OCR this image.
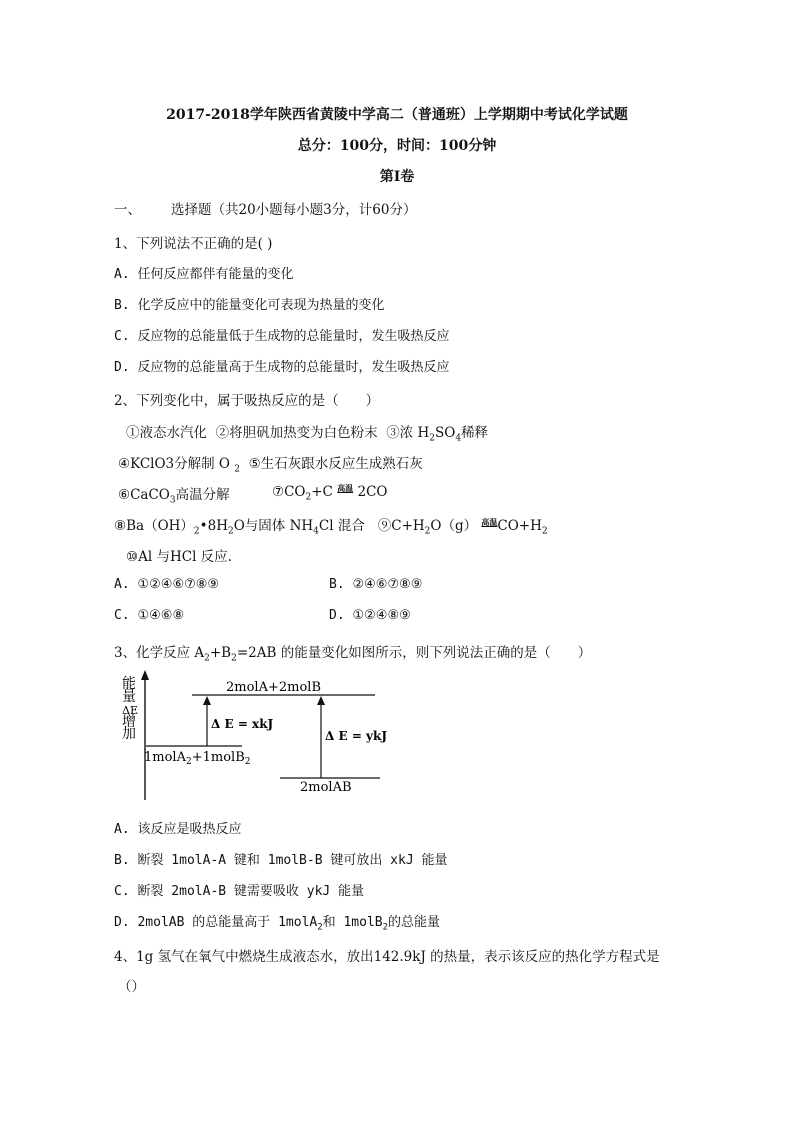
2017-2018学年陕西省黄陵中学高二（普通班）上学期期中考试化学试题
总分：100分，时间：100分钟
第Ⅰ卷
一、 选择题（共20小题每小题3分，计60分）
1、下列说法不正确的是( )
A. 任何反应都伴有能量的变化
B. 化学反应中的能量变化可表现为热量的变化
C. 反应物的总能量低于生成物的总能量时，发生吸热反应
D. 反应物的总能量高于生成物的总能量时，发生吸热反应
2、下列变化中，属于吸热反应的是（　　）
①液态水汽化 ②将胆矾加热变为白色粉末 ③浓 $H_2SO_4$稀释
④KClO3分解制 O $_2$ ⑤生石灰跟水反应生成熟石灰
⑥CaCO$_3$高温分解	$⑦CO_2+C$ $^{高温}$ 2CO
$⑧Ba(OH)_2•8H_2O$与固体 $NH_4Cl$ 混合 $⑨C+H_2O(g)$ $^{高温}CO+H_2$
⑩Al 与HCl 反应.
A. ①②④⑥⑦⑧⑨	B. ②④⑥⑦⑧⑨
C. ①④⑥⑧	D. ①②④⑧⑨
3、化学反应 $A_2+B_2=2AB$ 的能量变化如图所示，则下列说法正确的是（　　）
能
量
ΔE
增
加
2molA+2molB
1molA$_2$+1molB$_2$
2molAB
Δ E = xkJ
Δ E = ykJ
A. 该反应是吸热反应
B. 断裂 1molA-A 键和 1molB-B 键可放出 xkJ 能量
C. 断裂 2molA-B 键需要吸收 ykJ 能量
D. 2molAB 的总能量高于 1molA$_2$和 1molB$_2$的总能量
4、1g 氢气在氧气中燃烧生成液态水，放出142.9kJ 的热量，表示该反应的热化学方程式是
（）
